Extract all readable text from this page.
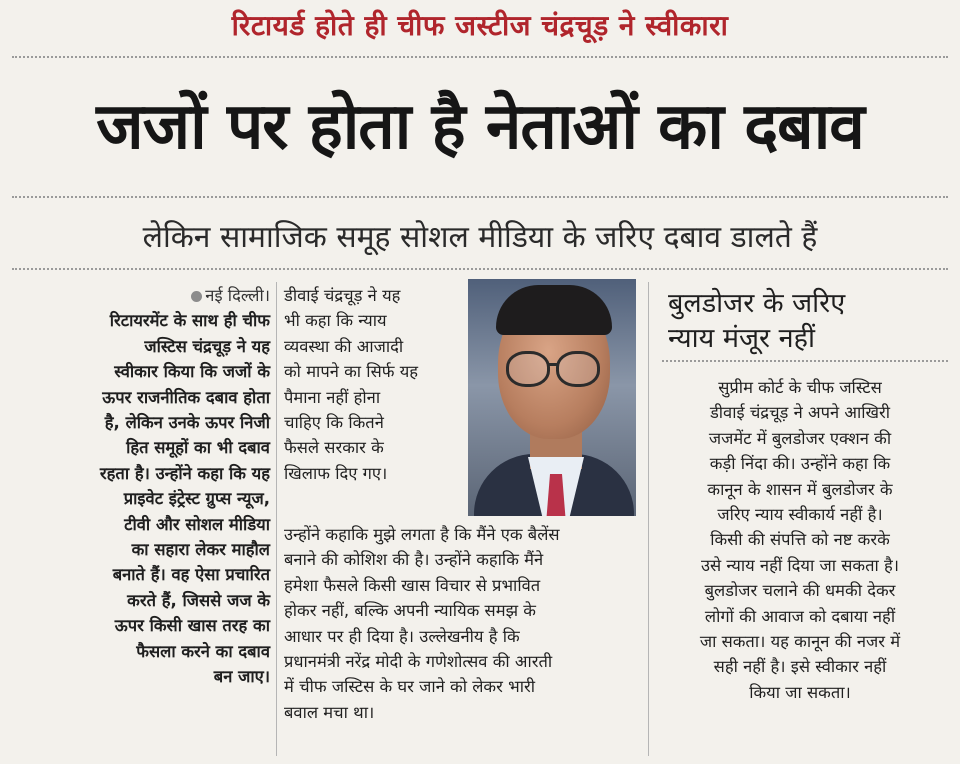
रिटायर्ड होते ही चीफ जस्टीज चंद्रचूड़ ने स्वीकारा
जजों पर होता है नेताओं का दबाव
लेकिन सामाजिक समूह सोशल मीडिया के जरिए दबाव डालते हैं
नई दिल्ली।
रिटायरमेंट के साथ ही चीफ
जस्टिस चंद्रचूड़ ने यह
स्वीकार किया कि जजों के
ऊपर राजनीतिक दबाव होता
है, लेकिन उनके ऊपर निजी
हित समूहों का भी दबाव
रहता है। उन्होंने कहा कि यह
प्राइवेट इंट्रेस्ट ग्रुप्स न्यूज,
टीवी और सोशल मीडिया
का सहारा लेकर माहौल
बनाते हैं। वह ऐसा प्रचारित
करते हैं, जिससे जज के
ऊपर किसी खास तरह का
फैसला करने का दबाव
बन जाए।
डीवाई चंद्रचूड़ ने यह
भी कहा कि न्याय
व्यवस्था की आजादी
को मापने का सिर्फ यह
पैमाना नहीं होना
चाहिए कि कितने
फैसले सरकार के
खिलाफ दिए गए।
उन्होंने कहाकि मुझे लगता है कि मैंने एक बैलेंस
बनाने की कोशिश की है। उन्होंने कहाकि मैंने
हमेशा फैसले किसी खास विचार से प्रभावित
होकर नहीं, बल्कि अपनी न्यायिक समझ के
आधार पर ही दिया है। उल्लेखनीय है कि
प्रधानमंत्री नरेंद्र मोदी के गणेशोत्सव की आरती
में चीफ जस्टिस के घर जाने को लेकर भारी
बवाल मचा था।
बुलडोजर के जरिए
न्याय मंजूर नहीं
सुप्रीम कोर्ट के चीफ जस्टिस
डीवाई चंद्रचूड़ ने अपने आखिरी
जजमेंट में बुलडोजर एक्शन की
कड़ी निंदा की। उन्होंने कहा कि
कानून के शासन में बुलडोजर के
जरिए न्याय स्वीकार्य नहीं है।
किसी की संपत्ति को नष्ट करके
उसे न्याय नहीं दिया जा सकता है।
बुलडोजर चलाने की धमकी देकर
लोगों की आवाज को दबाया नहीं
जा सकता। यह कानून की नजर में
सही नहीं है। इसे स्वीकार नहीं
किया जा सकता।
